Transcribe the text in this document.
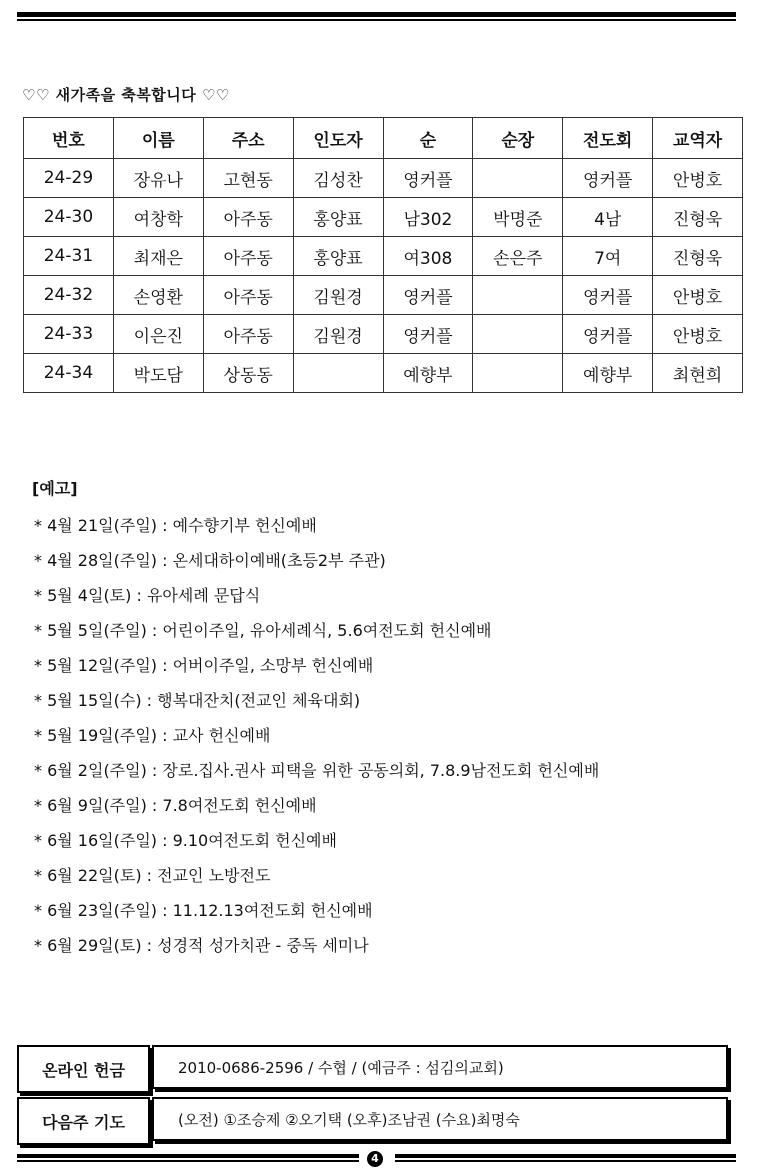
♡♡ 새가족을 축복합니다 ♡♡
번호	이름	주소	인도자	순	순장	전도회	교역자
24-29	장유나	고현동	김성찬	영커플		영커플	안병호
24-30	여창학	아주동	홍양표	남302	박명준	4남	진형욱
24-31	최재은	아주동	홍양표	여308	손은주	7여	진형욱
24-32	손영환	아주동	김원경	영커플		영커플	안병호
24-33	이은진	아주동	김원경	영커플		영커플	안병호
24-34	박도담	상동동		예향부		예향부	최현희
[예고]
* 4월 21일(주일) : 예수향기부 헌신예배
* 4월 28일(주일) : 온세대하이예배(초등2부 주관)
* 5월 4일(토) : 유아세례 문답식
* 5월 5일(주일) : 어린이주일, 유아세례식, 5.6여전도회 헌신예배
* 5월 12일(주일) : 어버이주일, 소망부 헌신예배
* 5월 15일(수) : 행복대잔치(전교인 체육대회)
* 5월 19일(주일) : 교사 헌신예배
* 6월 2일(주일) : 장로.집사.권사 피택을 위한 공동의회, 7.8.9남전도회 헌신예배
* 6월 9일(주일) : 7.8여전도회 헌신예배
* 6월 16일(주일) : 9.10여전도회 헌신예배
* 6월 22일(토) : 전교인 노방전도
* 6월 23일(주일) : 11.12.13여전도회 헌신예배
* 6월 29일(토) : 성경적 성가치관 - 중독 세미나
온라인 헌금	2010-0686-2596 / 수협 / (예금주 : 섬김의교회)
다음주 기도	(오전) ①조승제 ②오기택 (오후)조남권 (수요)최명숙
4
